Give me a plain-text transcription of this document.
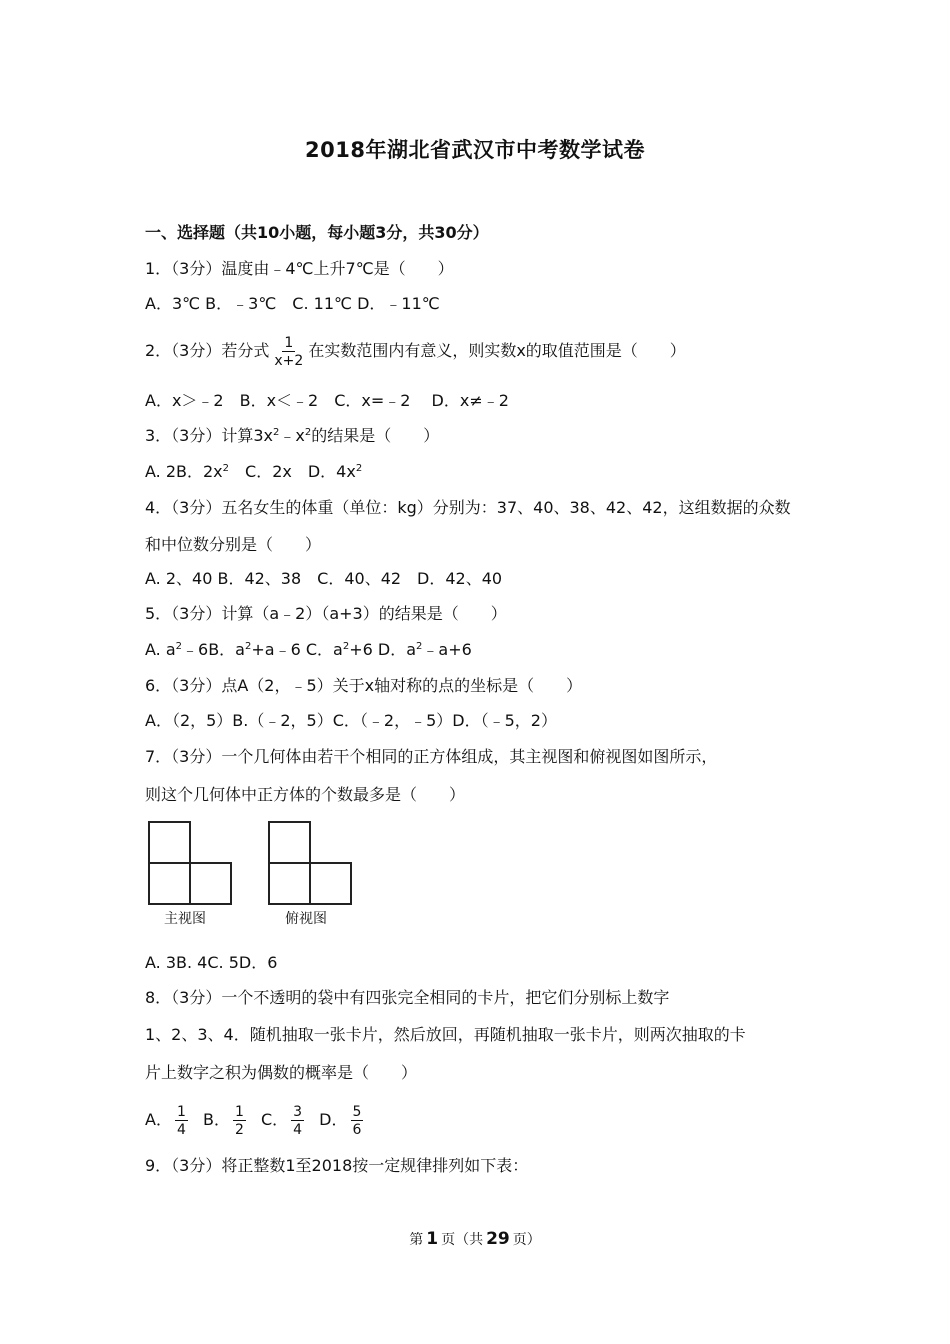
2018年湖北省武汉市中考数学试卷
一、选择题（共10小题，每小题3分，共30分）
1．（3分）温度由﹣4℃上升7℃是（　　）
A．3℃ B．﹣3℃　C. 11℃ D．﹣11℃
2．（3分）若分式 $\frac{1}{x+2}$ 在实数范围内有意义，则实数x的取值范围是（　　）
A．x＞﹣2　B．x＜﹣2　C．x=﹣2　 D．x≠﹣2
3．（3分）计算$3x^2﹣x^2$的结果是（　　）
A. 2B．$2x^2$　C．2x　D．$4x^2$
4．（3分）五名女生的体重（单位：kg）分别为：37、40、38、42、42，这组数据的众数
和中位数分别是（　　）
A. 2、40 B．42、38　C．40、42　D．42、40
5．（3分）计算（a﹣2）（a+3）的结果是（　　）
A. $a^2﹣6B$．$a^2+a﹣6$ C．$a^2+6$ D．$a^2﹣a+6$
6．（3分）点A（2，﹣5）关于x轴对称的点的坐标是（　　）
A．（2，5）B.（﹣2，5）C．（﹣2，﹣5）D．（﹣5，2）
7．（3分）一个几何体由若干个相同的正方体组成，其主视图和俯视图如图所示，
则这个几何体中正方体的个数最多是（　　）
主视图	俯视图
A. 3B. 4C. 5D．6
8．（3分）一个不透明的袋中有四张完全相同的卡片，把它们分别标上数字
1、2、3、4．随机抽取一张卡片，然后放回，再随机抽取一张卡片，则两次抽取的卡
片上数字之积为偶数的概率是（　　）
A． $\frac{1}{4}$ B． $\frac{1}{2}$ C． $\frac{3}{4}$ D． $\frac{5}{6}$
9．（3分）将正整数1至2018按一定规律排列如下表：
第 1 页（共 29 页）
